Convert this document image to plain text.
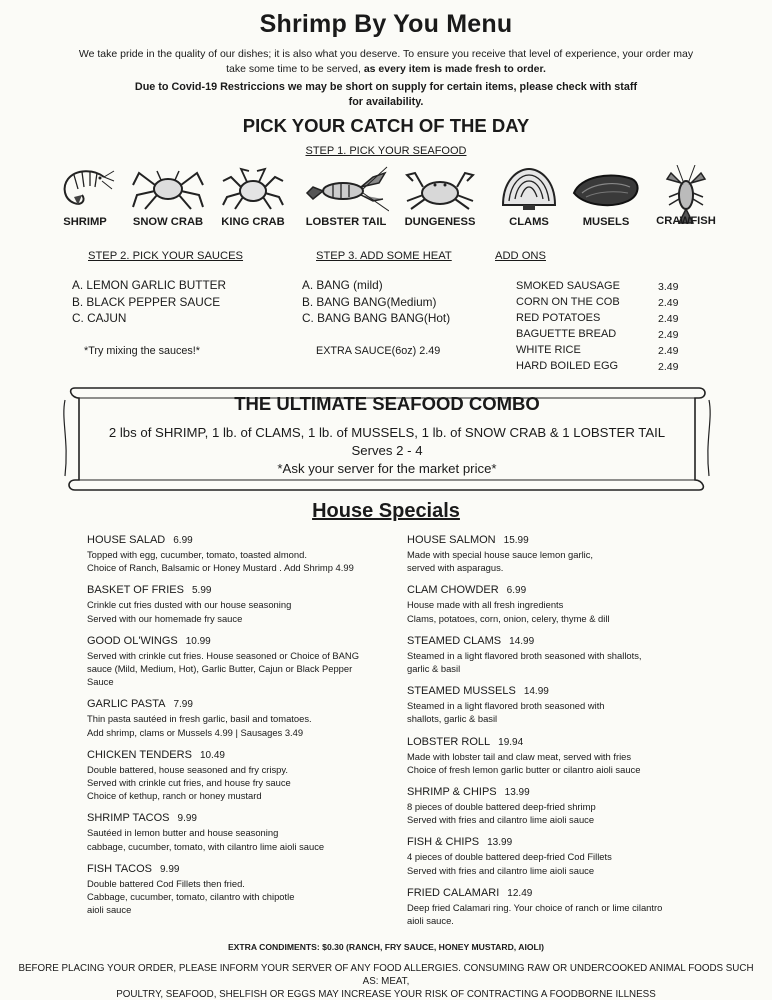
Shrimp By You Menu
We take pride in the quality of our dishes; it is also what you deserve. To ensure you receive that level of experience, your order may
take some time to be served, as every item is made fresh to order.
Due to Covid-19 Restriccions we may be short on supply for certain items, please check with staff
for availability.
PICK YOUR CATCH OF THE DAY
STEP 1. PICK YOUR SEAFOOD
SHRIMP	SNOW CRAB	KING CRAB	LOBSTER TAIL	DUNGENESS	CLAMS	MUSELS	CRAWFISH
STEP 2. PICK YOUR SAUCES	STEP 3. ADD SOME HEAT	ADD ONS
A. LEMON GARLIC BUTTER
B. BLACK PEPPER SAUCE
C. CAJUN
*Try mixing the sauces!*
A. BANG (mild)
B. BANG BANG(Medium)
C. BANG BANG BANG(Hot)
EXTRA SAUCE(6oz) 2.49
SMOKED SAUSAGE	3.49
CORN ON THE COB	2.49
RED POTATOES	2.49
BAGUETTE BREAD	2.49
WHITE RICE	2.49
HARD BOILED EGG	2.49
THE ULTIMATE SEAFOOD COMBO
2 lbs of SHRIMP, 1 lb. of CLAMS, 1 lb. of MUSSELS, 1 lb. of SNOW CRAB & 1 LOBSTER TAIL
Serves 2 - 4
*Ask your server for the market price*
House Specials
HOUSE SALAD 6.99
Topped with egg, cucumber, tomato, toasted almond.
Choice of Ranch, Balsamic or Honey Mustard . Add Shrimp 4.99
BASKET OF FRIES 5.99
Crinkle cut fries dusted with our house seasoning
Served with our homemade fry sauce
GOOD OL'WINGS 10.99
Served with crinkle cut fries. House seasoned or Choice of BANG
sauce (Mild, Medium, Hot), Garlic Butter, Cajun or Black Pepper
Sauce
GARLIC PASTA 7.99
Thin pasta sautéed in fresh garlic, basil and tomatoes.
Add shrimp, clams or Mussels 4.99 | Sausages 3.49
CHICKEN TENDERS 10.49
Double battered, house seasoned and fry crispy.
Served with crinkle cut fries, and house fry sauce
Choice of kethup, ranch or honey mustard
SHRIMP TACOS 9.99
Sautéed in lemon butter and house seasoning
cabbage, cucumber, tomato, with cilantro lime aioli sauce
FISH TACOS 9.99
Double battered Cod Fillets then fried.
Cabbage, cucumber, tomato, cilantro with chipotle
aioli sauce
HOUSE SALMON 15.99
Made with special house sauce lemon garlic,
served with asparagus.
CLAM CHOWDER 6.99
House made with all fresh ingredients
Clams, potatoes, corn, onion, celery, thyme & dill
STEAMED CLAMS 14.99
Steamed in a light flavored broth seasoned with shallots,
garlic & basil
STEAMED MUSSELS 14.99
Steamed in a light flavored broth seasoned with
shallots, garlic & basil
LOBSTER ROLL 19.94
Made with lobster tail and claw meat, served with fries
Choice of fresh lemon garlic butter or cilantro aioli sauce
SHRIMP & CHIPS 13.99
8 pieces of double battered deep-fried shrimp
Served with fries and cilantro lime aioli sauce
FISH & CHIPS 13.99
4 pieces of double battered deep-fried Cod Fillets
Served with fries and cilantro lime aioli sauce
FRIED CALAMARI 12.49
Deep fried Calamari ring. Your choice of ranch or lime cilantro
aioli sauce.
EXTRA CONDIMENTS: $0.30 (RANCH, FRY SAUCE, HONEY MUSTARD, AIOLI)
BEFORE PLACING YOUR ORDER, PLEASE INFORM YOUR SERVER OF ANY FOOD ALLERGIES. CONSUMING RAW OR UNDERCOOKED ANIMAL FOODS SUCH AS: MEAT,
POULTRY, SEAFOOD, SHELFISH OR EGGS MAY INCREASE YOUR RISK OF CONTRACTING A FOODBORNE ILLNESS
